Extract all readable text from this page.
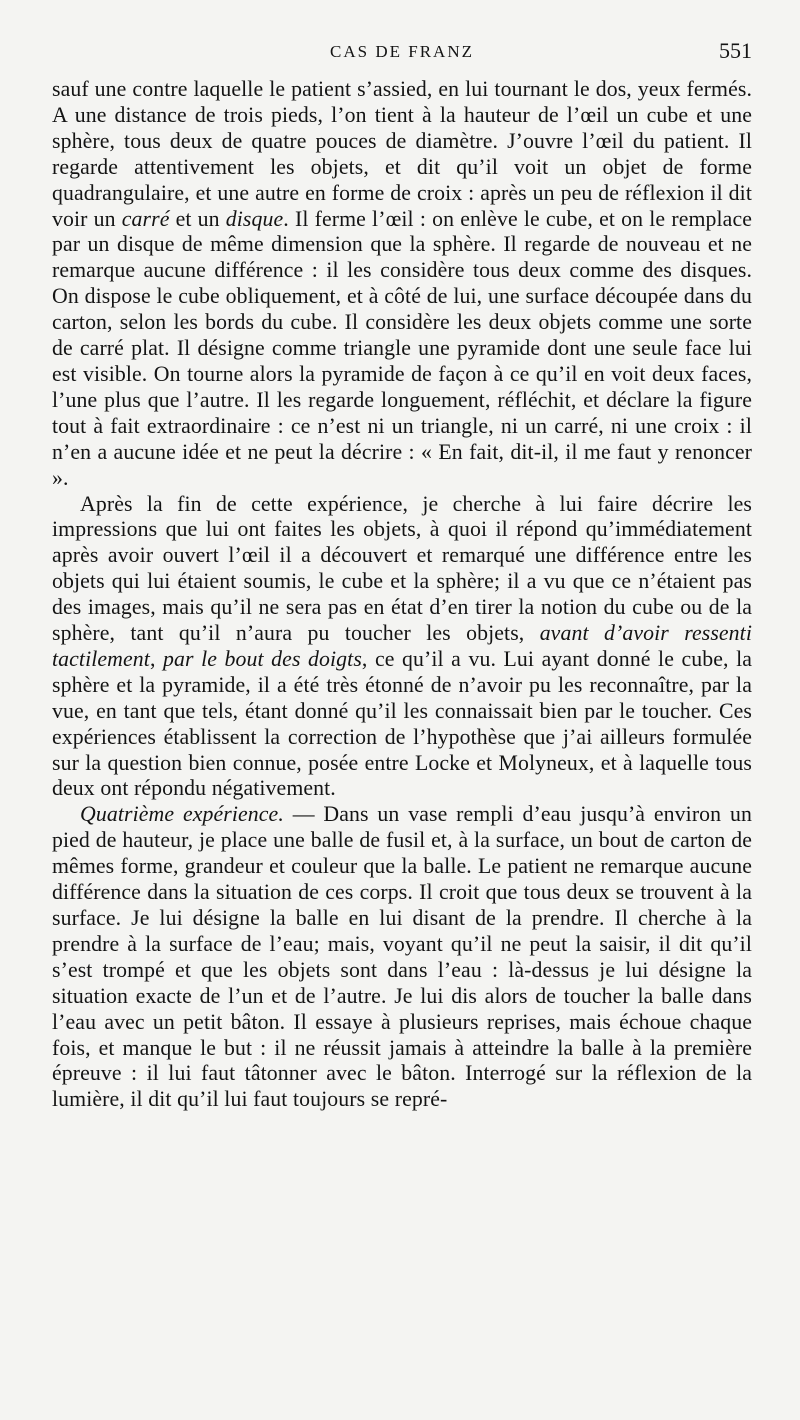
CAS DE FRANZ	551

sauf une contre laquelle le patient s’assied, en lui tournant le dos, yeux fermés. A une distance de trois pieds, l’on tient à la hauteur de l’œil un cube et une sphère, tous deux de quatre pouces de diamètre. J’ouvre l’œil du patient. Il regarde attentivement les objets, et dit qu’il voit un objet de forme quadrangulaire, et une autre en forme de croix : après un peu de réflexion il dit voir un carré et un disque. Il ferme l’œil : on enlève le cube, et on le remplace par un disque de même dimension que la sphère. Il regarde de nouveau et ne remarque aucune différence : il les considère tous deux comme des disques. On dispose le cube obliquement, et à côté de lui, une surface découpée dans du carton, selon les bords du cube. Il considère les deux objets comme une sorte de carré plat. Il désigne comme triangle une pyramide dont une seule face lui est visible. On tourne alors la pyramide de façon à ce qu’il en voit deux faces, l’une plus que l’autre. Il les regarde longuement, réfléchit, et déclare la figure tout à fait extraordinaire : ce n’est ni un triangle, ni un carré, ni une croix : il n’en a aucune idée et ne peut la décrire : « En fait, dit-il, il me faut y renoncer ».

Après la fin de cette expérience, je cherche à lui faire décrire les impressions que lui ont faites les objets, à quoi il répond qu’immédiatement après avoir ouvert l’œil il a découvert et remarqué une différence entre les objets qui lui étaient soumis, le cube et la sphère; il a vu que ce n’étaient pas des images, mais qu’il ne sera pas en état d’en tirer la notion du cube ou de la sphère, tant qu’il n’aura pu toucher les objets, avant d’avoir ressenti tactilement, par le bout des doigts, ce qu’il a vu. Lui ayant donné le cube, la sphère et la pyramide, il a été très étonné de n’avoir pu les reconnaître, par la vue, en tant que tels, étant donné qu’il les connaissait bien par le toucher. Ces expériences établissent la correction de l’hypothèse que j’ai ailleurs formulée sur la question bien connue, posée entre Locke et Molyneux, et à laquelle tous deux ont répondu négativement.

Quatrième expérience. — Dans un vase rempli d’eau jusqu’à environ un pied de hauteur, je place une balle de fusil et, à la surface, un bout de carton de mêmes forme, grandeur et couleur que la balle. Le patient ne remarque aucune différence dans la situation de ces corps. Il croit que tous deux se trouvent à la surface. Je lui désigne la balle en lui disant de la prendre. Il cherche à la prendre à la surface de l’eau; mais, voyant qu’il ne peut la saisir, il dit qu’il s’est trompé et que les objets sont dans l’eau : là-dessus je lui désigne la situation exacte de l’un et de l’autre. Je lui dis alors de toucher la balle dans l’eau avec un petit bâton. Il essaye à plusieurs reprises, mais échoue chaque fois, et manque le but : il ne réussit jamais à atteindre la balle à la première épreuve : il lui faut tâtonner avec le bâton. Interrogé sur la réflexion de la lumière, il dit qu’il lui faut toujours se repré-
